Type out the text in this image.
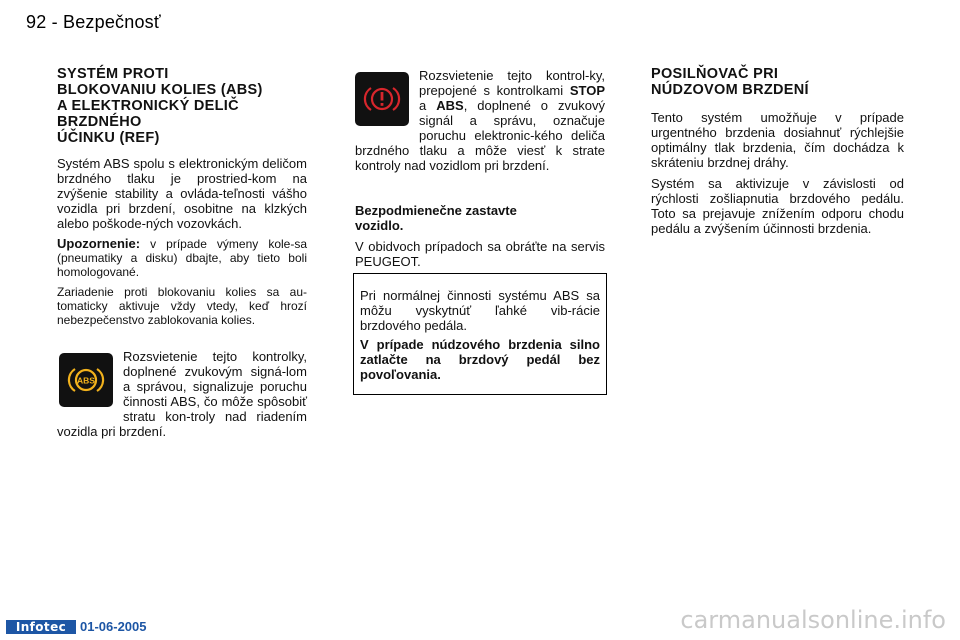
92 - Bezpečnosť
SYSTÉM PROTI
BLOKOVANIU KOLIES (ABS)
A ELEKTRONICKÝ DELIČ
BRZDNÉHO
ÚČINKU (REF)

Systém ABS spolu s elektronickým deličom brzdného tlaku je prostried-kom na zvýšenie stability a ovláda-teľnosti vášho vozidla pri brzdení, osobitne na klzkých alebo poškode-ných vozovkách.

Upozornenie: v prípade výmeny kole-sa (pneumatiky a disku) dbajte, aby tieto boli homologované.

Zariadenie proti blokovaniu kolies sa au-tomaticky aktivuje vždy vtedy, keď hrozí nebezpečenstvo zablokovania kolies.

ABS

Rozsvietenie tejto kontrolky, doplnené zvukovým signá-lom a správou, signalizuje poruchu činnosti ABS, čo môže spôsobiť stratu kon-troly nad riadením vozidla pri brzdení.

Rozsvietenie tejto kontrol-ky, prepojené s kontrolkami STOP a ABS, doplnené o zvukový signál a správu, označuje poruchu elektronic-kého deliča brzdného tlaku a môže viesť k strate kontroly nad vozidlom pri brzdení.

Bezpodmienečne zastavte
vozidlo.

V obidvoch prípadoch sa obráťte na servis PEUGEOT.

Pri normálnej činnosti systému ABS sa môžu vyskytnúť ľahké vib-rácie brzdového pedála.

V prípade núdzového brzdenia silno zatlačte na brzdový pedál bez povoľovania.

POSILŇOVAČ PRI
NÚDZOVOM BRZDENÍ

Tento systém umožňuje v prípade urgentného brzdenia dosiahnuť rýchlejšie optimálny tlak brzdenia, čím dochádza k skráteniu brzdnej dráhy.

Systém sa aktivizuje v závislosti od rýchlosti zošliapnutia brzdového pedálu. Toto sa prejavuje znížením odporu chodu pedálu a zvýšením účinnosti brzdenia.

Infotec	01-06-2005	carmanualsonline.info
